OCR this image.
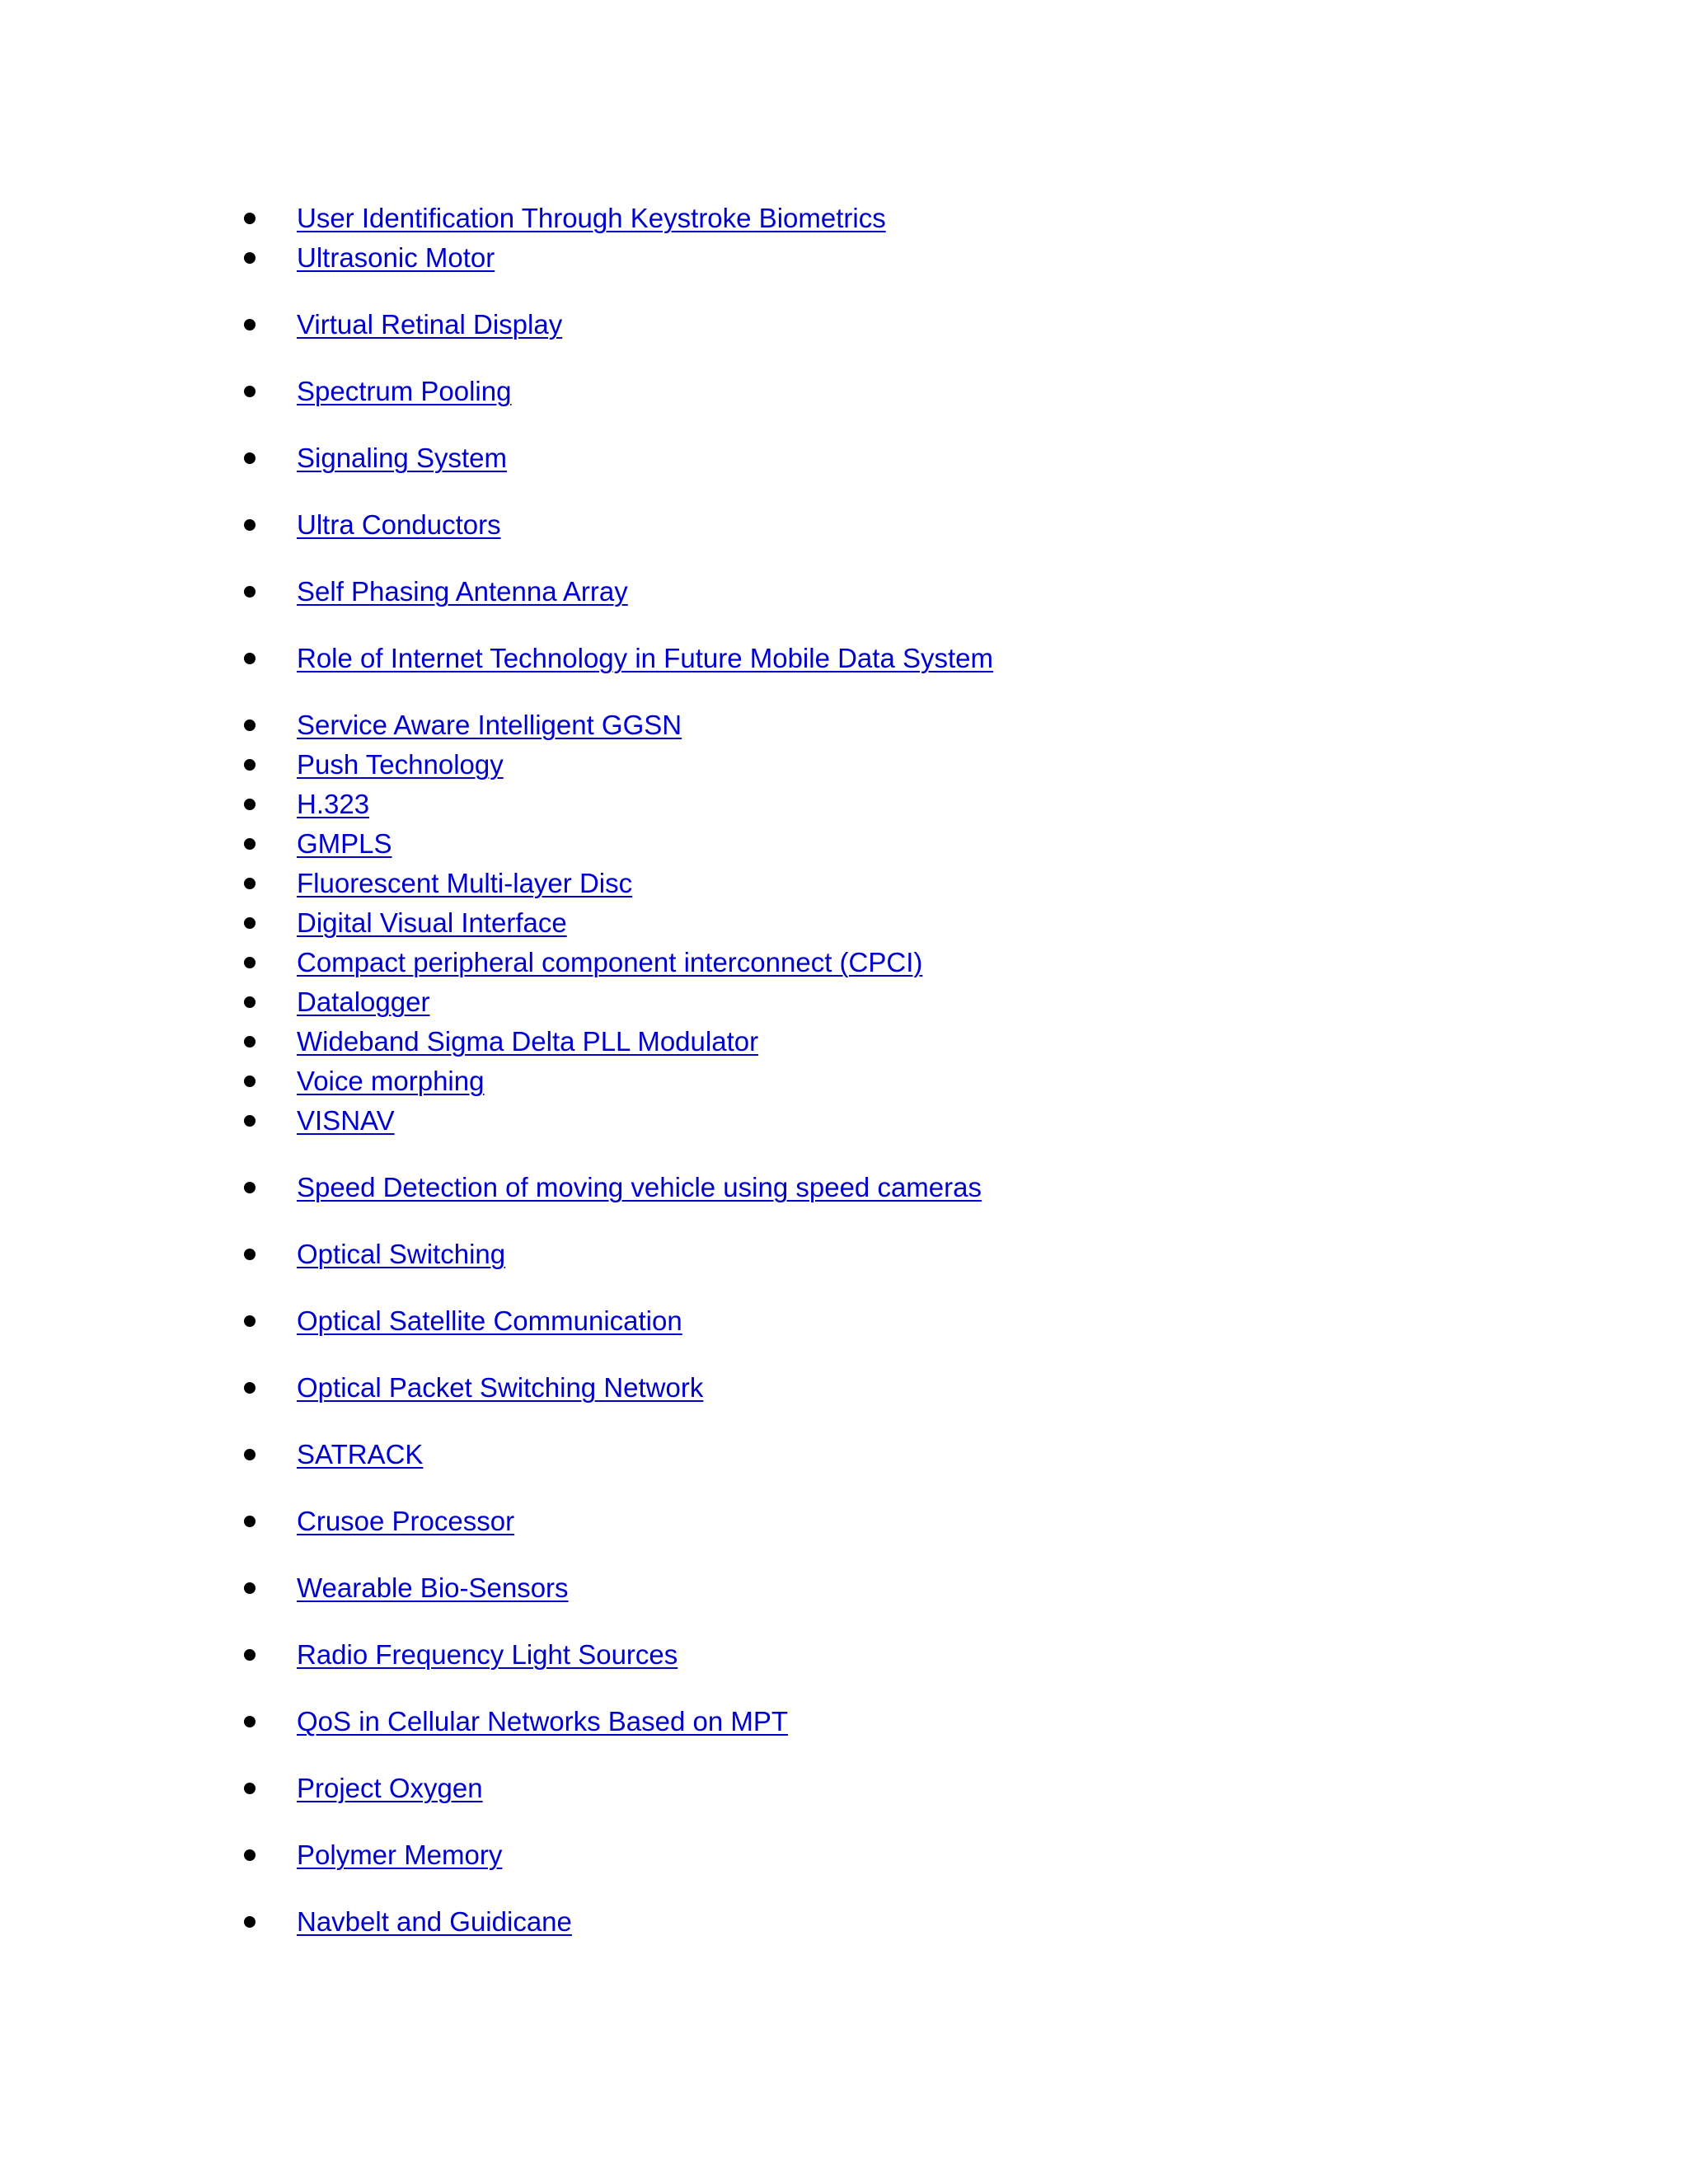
User Identification Through Keystroke Biometrics
Ultrasonic Motor
Virtual Retinal Display
Spectrum Pooling
Signaling System
Ultra Conductors
Self Phasing Antenna Array
Role of Internet Technology in Future Mobile Data System
Service Aware Intelligent GGSN
Push Technology
H.323
GMPLS
Fluorescent Multi-layer Disc
Digital Visual Interface
Compact peripheral component interconnect (CPCI)
Datalogger
Wideband Sigma Delta PLL Modulator
Voice morphing
VISNAV
Speed Detection of moving vehicle using speed cameras
Optical Switching
Optical Satellite Communication
Optical Packet Switching Network
SATRACK
Crusoe Processor
Wearable Bio-Sensors
Radio Frequency Light Sources
QoS in Cellular Networks Based on MPT
Project Oxygen
Polymer Memory
Navbelt and Guidicane
